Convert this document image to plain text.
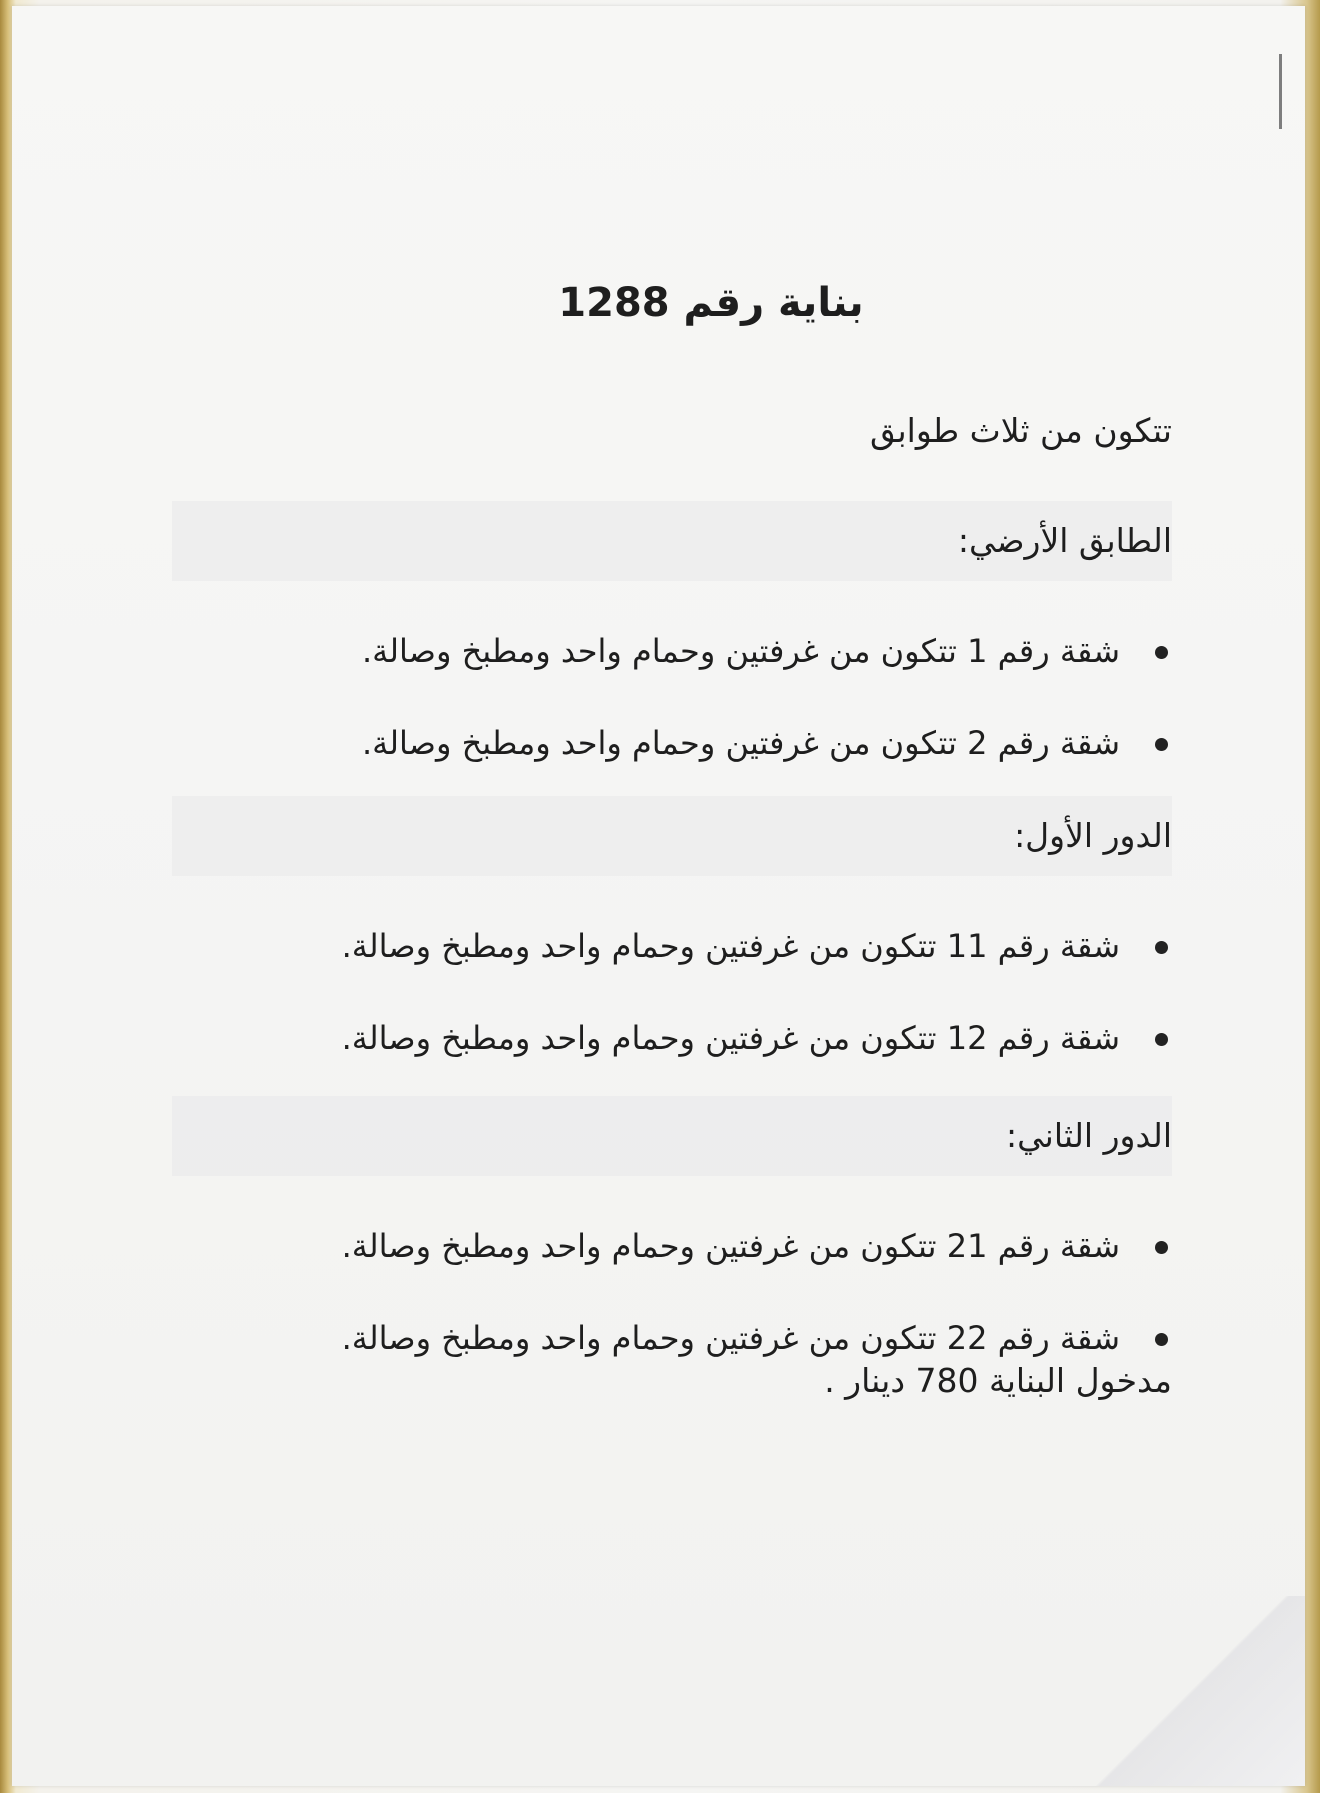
بناية رقم 1288

تتكون من ثلاث طوابق

الطابق الأرضي:
شقة رقم 1 تتكون من غرفتين وحمام واحد ومطبخ وصالة.
شقة رقم 2 تتكون من غرفتين وحمام واحد ومطبخ وصالة.
الدور الأول:
شقة رقم 11 تتكون من غرفتين وحمام واحد ومطبخ وصالة.
شقة رقم 12 تتكون من غرفتين وحمام واحد ومطبخ وصالة.
الدور الثاني:
شقة رقم 21 تتكون من غرفتين وحمام واحد ومطبخ وصالة.
شقة رقم 22 تتكون من غرفتين وحمام واحد ومطبخ وصالة.

مدخول البناية 780 دينار .
